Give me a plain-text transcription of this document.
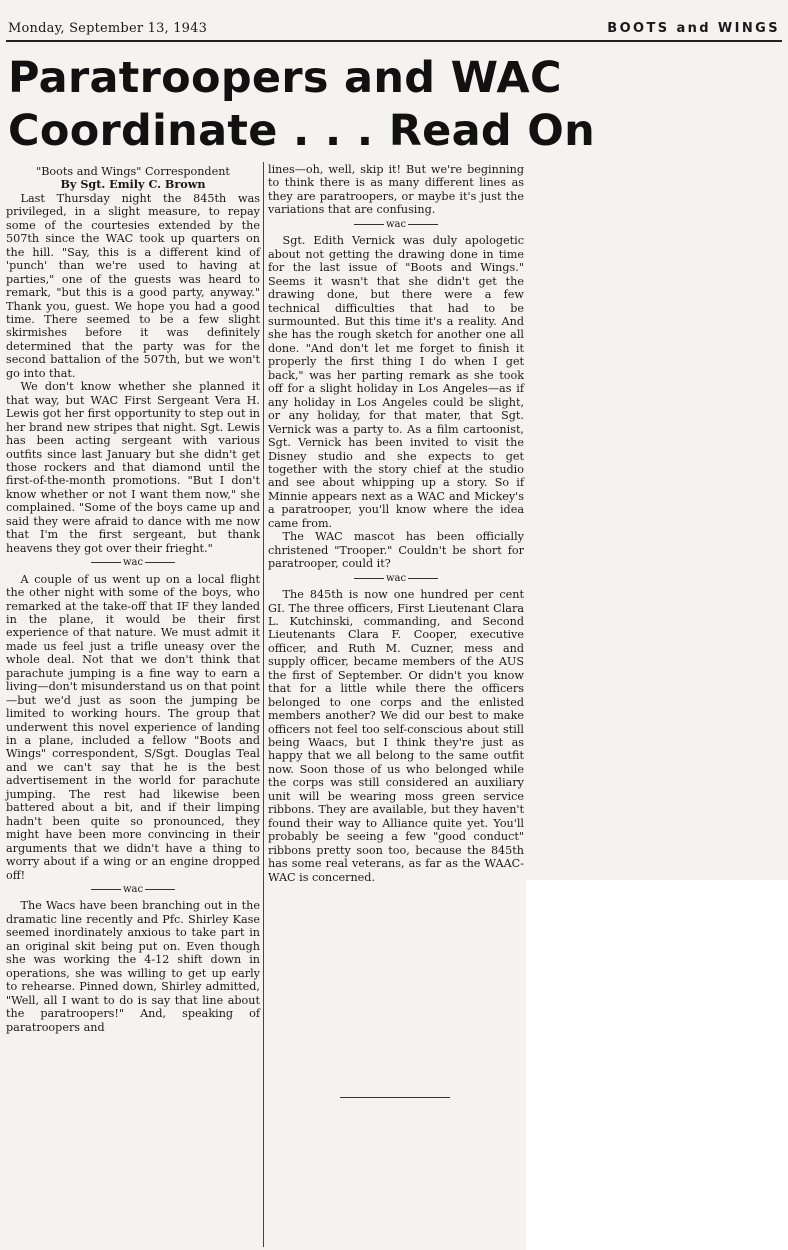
Monday, September 13, 1943	BOOTS and WINGS
Paratroopers and WAC
Coordinate . . . Read On

"Boots and Wings" Correspondent

By Sgt. Emily C. Brown

Last Thursday night the 845th was privileged, in a slight measure, to repay some of the courtesies extended by the 507th since the WAC took up quarters on the hill. "Say, this is a different kind of 'punch' than we're used to having at parties," one of the guests was heard to remark, "but this is a good party, anyway." Thank you, guest. We hope you had a good time. There seemed to be a few slight skirmishes before it was definitely determined that the party was for the second battalion of the 507th, but we won't go into that.

We don't know whether she planned it that way, but WAC First Sergeant Vera H. Lewis got her first opportunity to step out in her brand new stripes that night. Sgt. Lewis has been acting sergeant with various outfits since last January but she didn't get those rockers and that diamond until the first-of-the-month promotions. "But I don't know whether or not I want them now," she complained. "Some of the boys came up and said they were afraid to dance with me now that I'm the first sergeant, but thank heavens they got over their frieght."

wac

A couple of us went up on a local flight the other night with some of the boys, who remarked at the take-off that IF they landed in the plane, it would be their first experience of that nature. We must admit it made us feel just a trifle uneasy over the whole deal. Not that we don't think that parachute jumping is a fine way to earn a living—don't misunderstand us on that point—but we'd just as soon the jumping be limited to working hours. The group that underwent this novel experience of landing in a plane, included a fellow "Boots and Wings" correspondent, S/Sgt. Douglas Teal and we can't say that he is the best advertisement in the world for parachute jumping. The rest had likewise been battered about a bit, and if their limping hadn't been quite so pronounced, they might have been more convincing in their arguments that we didn't have a thing to worry about if a wing or an engine dropped off!

wac

The Wacs have been branching out in the dramatic line recently and Pfc. Shirley Kase seemed inordinately anxious to take part in an original skit being put on. Even though she was working the 4-12 shift down in operations, she was willing to get up early to rehearse. Pinned down, Shirley admitted, "Well, all I want to do is say that line about the paratroopers!" And, speaking of paratroopers and

lines—oh, well, skip it! But we're beginning to think there is as many different lines as they are paratroopers, or maybe it's just the variations that are confusing.

wac

Sgt. Edith Vernick was duly apologetic about not getting the drawing done in time for the last issue of "Boots and Wings." Seems it wasn't that she didn't get the drawing done, but there were a few technical difficulties that had to be surmounted. But this time it's a reality. And she has the rough sketch for another one all done. "And don't let me forget to finish it properly the first thing I do when I get back," was her parting remark as she took off for a slight holiday in Los Angeles—as if any holiday in Los Angeles could be slight, or any holiday, for that mater, that Sgt. Vernick was a party to. As a film cartoonist, Sgt. Vernick has been invited to visit the Disney studio and she expects to get together with the story chief at the studio and see about whipping up a story. So if Minnie appears next as a WAC and Mickey's a paratrooper, you'll know where the idea came from.

The WAC mascot has been officially christened "Trooper." Couldn't be short for paratrooper, could it?

wac

The 845th is now one hundred per cent GI. The three officers, First Lieutenant Clara L. Kutchinski, commanding, and Second Lieutenants Clara F. Cooper, executive officer, and Ruth M. Cuzner, mess and supply officer, became members of the AUS the first of September. Or didn't you know that for a little while there the officers belonged to one corps and the enlisted members another? We did our best to make officers not feel too self-conscious about still being Waacs, but I think they're just as happy that we all belong to the same outfit now. Soon those of us who belonged while the corps was still considered an auxiliary unit will be wearing moss green service ribbons. They are available, but they haven't found their way to Alliance quite yet. You'll probably be seeing a few "good conduct" ribbons pretty soon too, because the 845th has some real veterans, as far as the WAAC-WAC is concerned.
